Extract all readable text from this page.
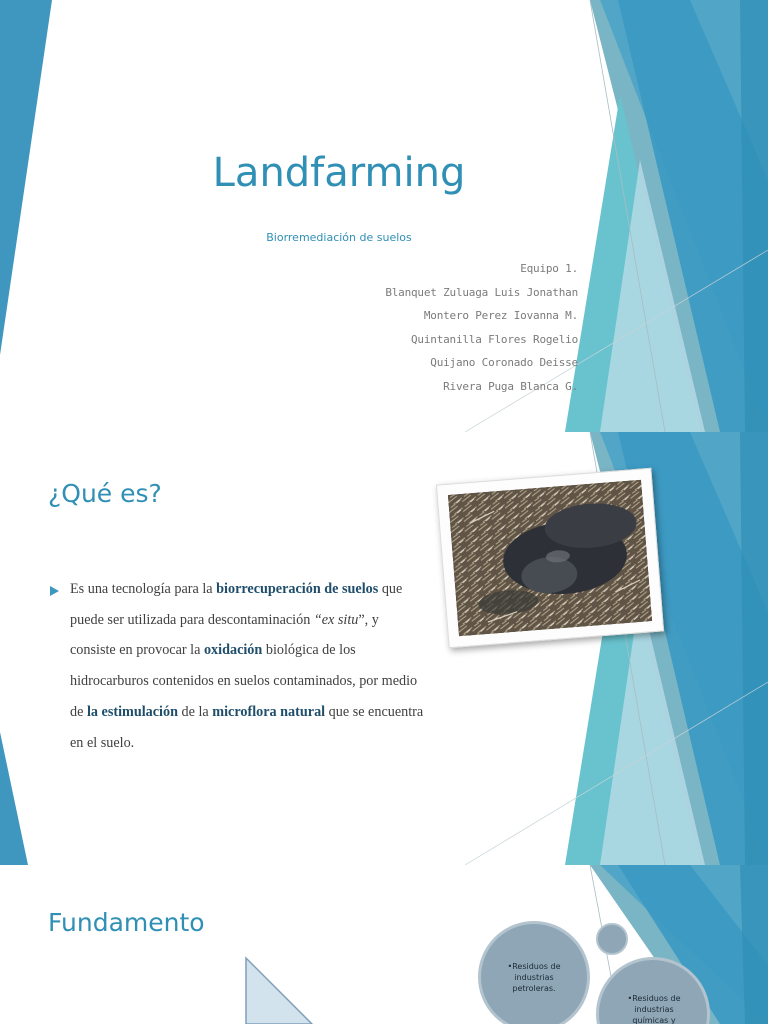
Landfarming
Biorremediación de suelos
Equipo 1.
Blanquet Zuluaga Luis Jonathan
Montero Perez Iovanna M.
Quintanilla Flores Rogelio
Quijano Coronado Deisse
Rivera Puga Blanca G.
¿Qué es?
Es una tecnología para la biorrecuperación de suelos que puede ser utilizada para descontaminación “ex situ”, y consiste en provocar la oxidación biológica de los hidrocarburos contenidos en suelos contaminados, por medio de la estimulación de la microflora natural que se encuentra en el suelo.
Fundamento
•Residuos de industrias petroleras.
•Residuos de industrias químicas y
